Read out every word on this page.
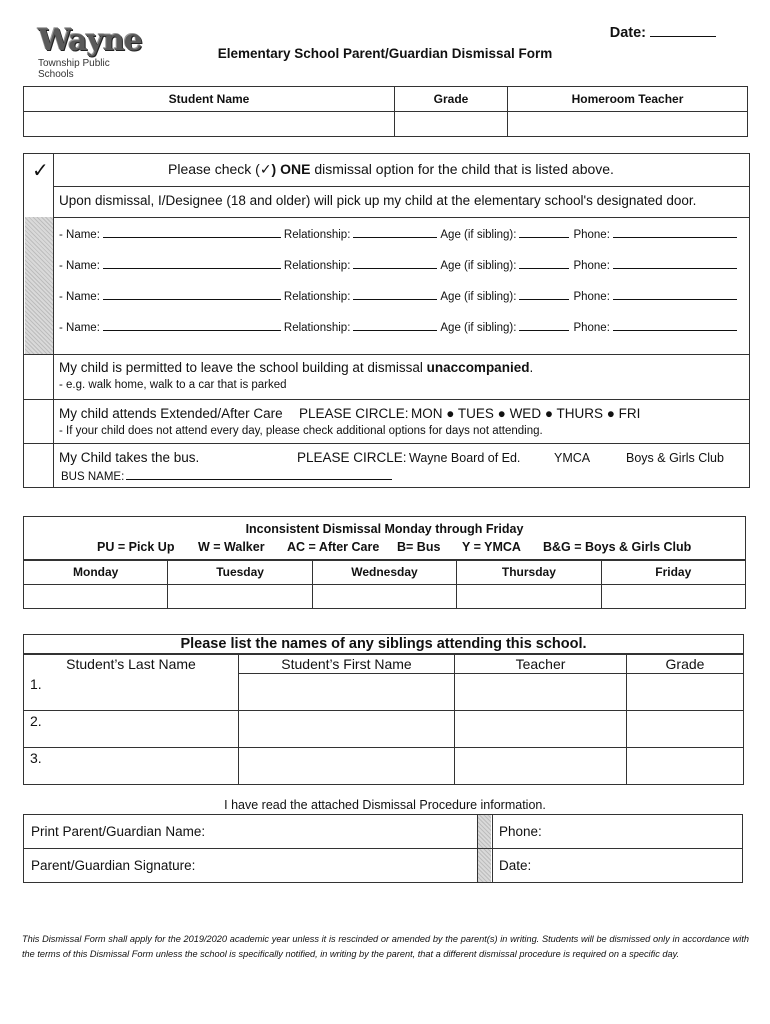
Wayne
Township Public Schools
Date:
Elementary School Parent/Guardian Dismissal Form
Student Name	Grade	Homeroom Teacher

✓	Please check (✓) ONE dismissal option for the child that is listed above.
Upon dismissal, I/Designee (18 and older) will pick up my child at the elementary school's designated door.
My child is permitted to leave the school building at dismissal unaccompanied.
- e.g. walk home, walk to a car that is parked
My child attends Extended/After Care PLEASE CIRCLE: MON ● TUES ● WED ● THURS ● FRI
- If your child does not attend every day, please check additional options for days not attending.
My Child takes the bus.	PLEASE CIRCLE: Wayne Board of Ed.	YMCA	Boys & Girls Club
BUS NAME:
- Name:	Relationship:	Age (if sibling):	Phone:
- Name:	Relationship:	Age (if sibling):	Phone:
- Name:	Relationship:	Age (if sibling):	Phone:
- Name:	Relationship:	Age (if sibling):	Phone:
Inconsistent Dismissal Monday through Friday
PU = Pick Up W = Walker AC = After Care B= Bus Y = YMCA B&G = Boys & Girls Club
Monday	Tuesday	Wednesday	Thursday	Friday

Please list the names of any siblings attending this school.
Student’s Last Name	Student’s First Name	Teacher	Grade
1.			
2.			
3.			
I have read the attached Dismissal Procedure information.
Print Parent/Guardian Name:	Phone:
Parent/Guardian Signature:	Date:
This Dismissal Form shall apply for the 2019/2020 academic year unless it is rescinded or amended by the parent(s) in writing. Students will be dismissed only in accordance with the terms of this Dismissal Form unless the school is specifically notified, in writing by the parent, that a different dismissal procedure is required on a specific day.
